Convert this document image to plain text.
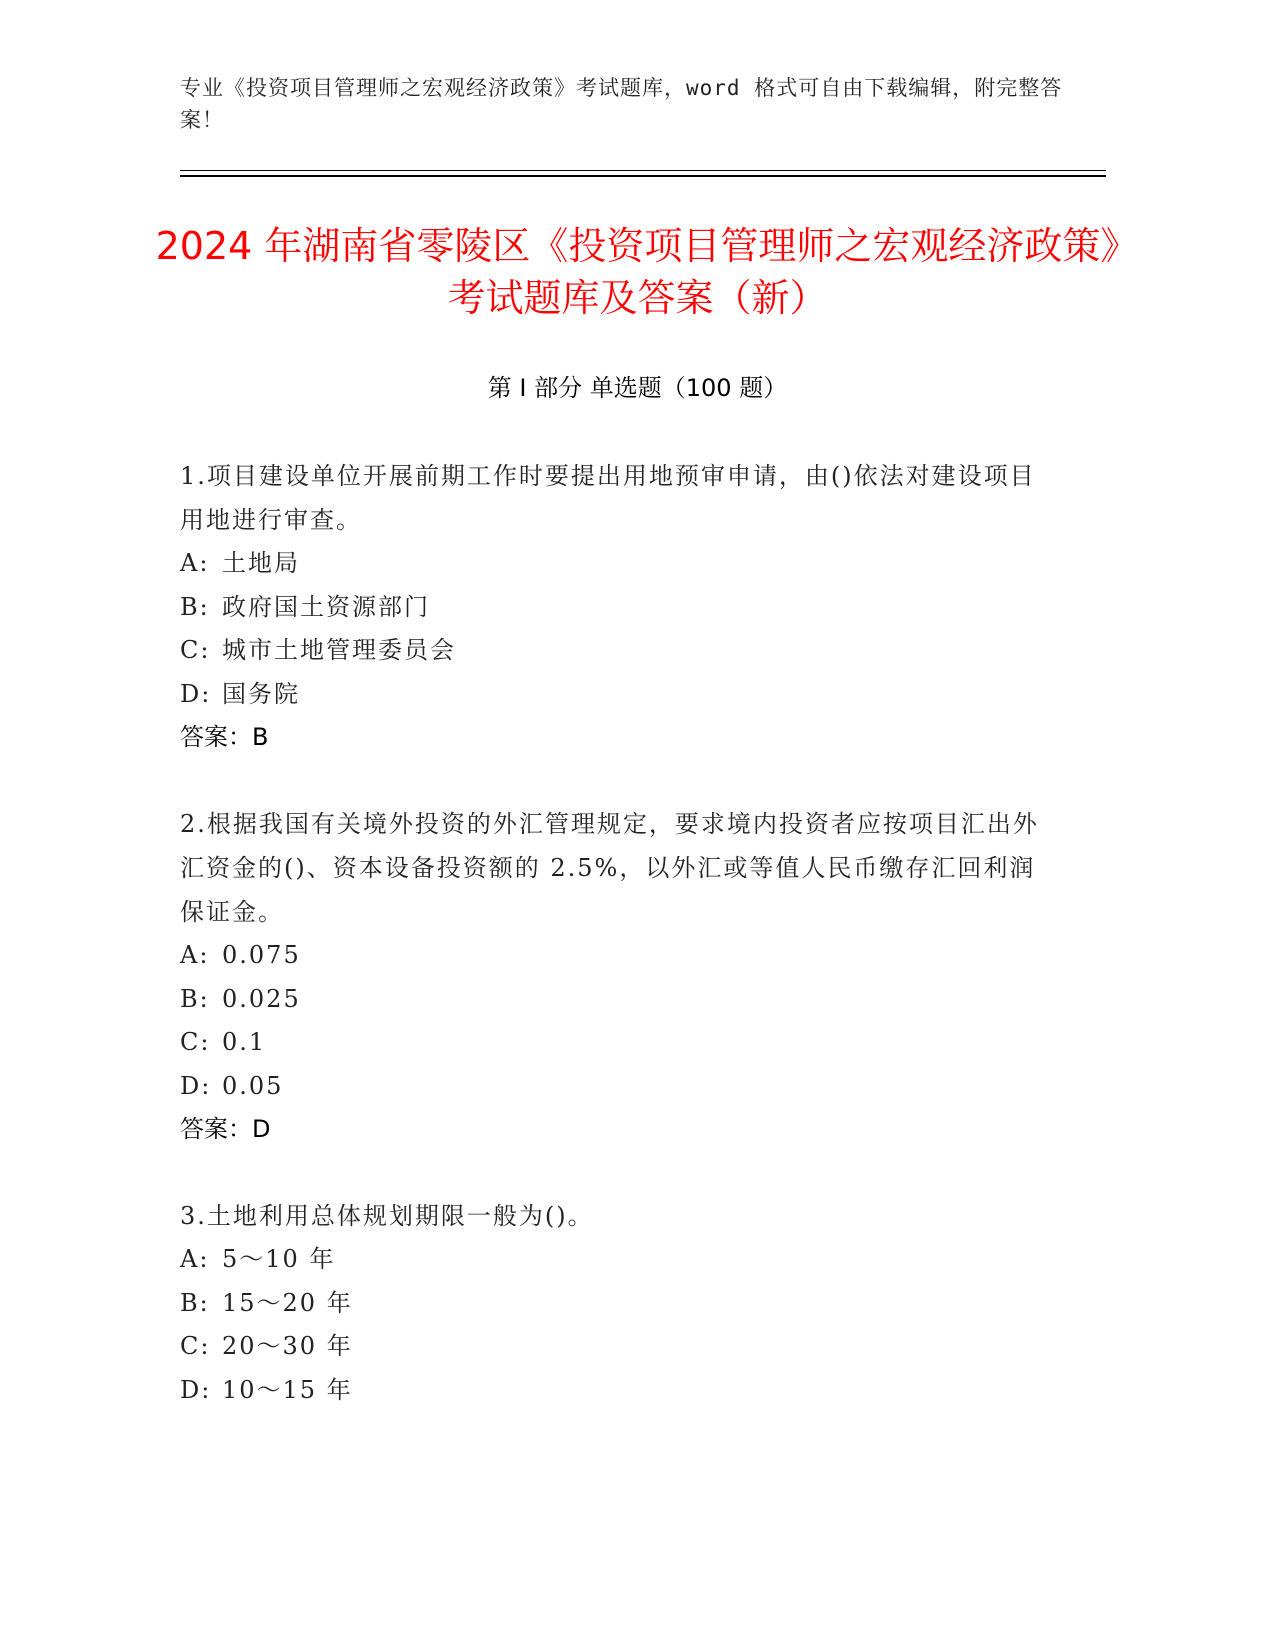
专业《投资项目管理师之宏观经济政策》考试题库，word 格式可自由下载编辑，附完整答案！
2024 年湖南省零陵区《投资项目管理师之宏观经济政策》考试题库及答案（新）
第 I 部分 单选题（100 题）

1.项目建设单位开展前期工作时要提出用地预审申请，由()依法对建设项目用地进行审查。

A: 土地局
B: 政府国土资源部门
C: 城市土地管理委员会
D: 国务院
答案：B

2.根据我国有关境外投资的外汇管理规定，要求境内投资者应按项目汇出外汇资金的()、资本设备投资额的 2.5%，以外汇或等值人民币缴存汇回利润保证金。

A: 0.075
B: 0.025
C: 0.1
D: 0.05
答案：D

3.土地利用总体规划期限一般为()。

A: 5～10 年
B: 15～20 年
C: 20～30 年
D: 10～15 年
